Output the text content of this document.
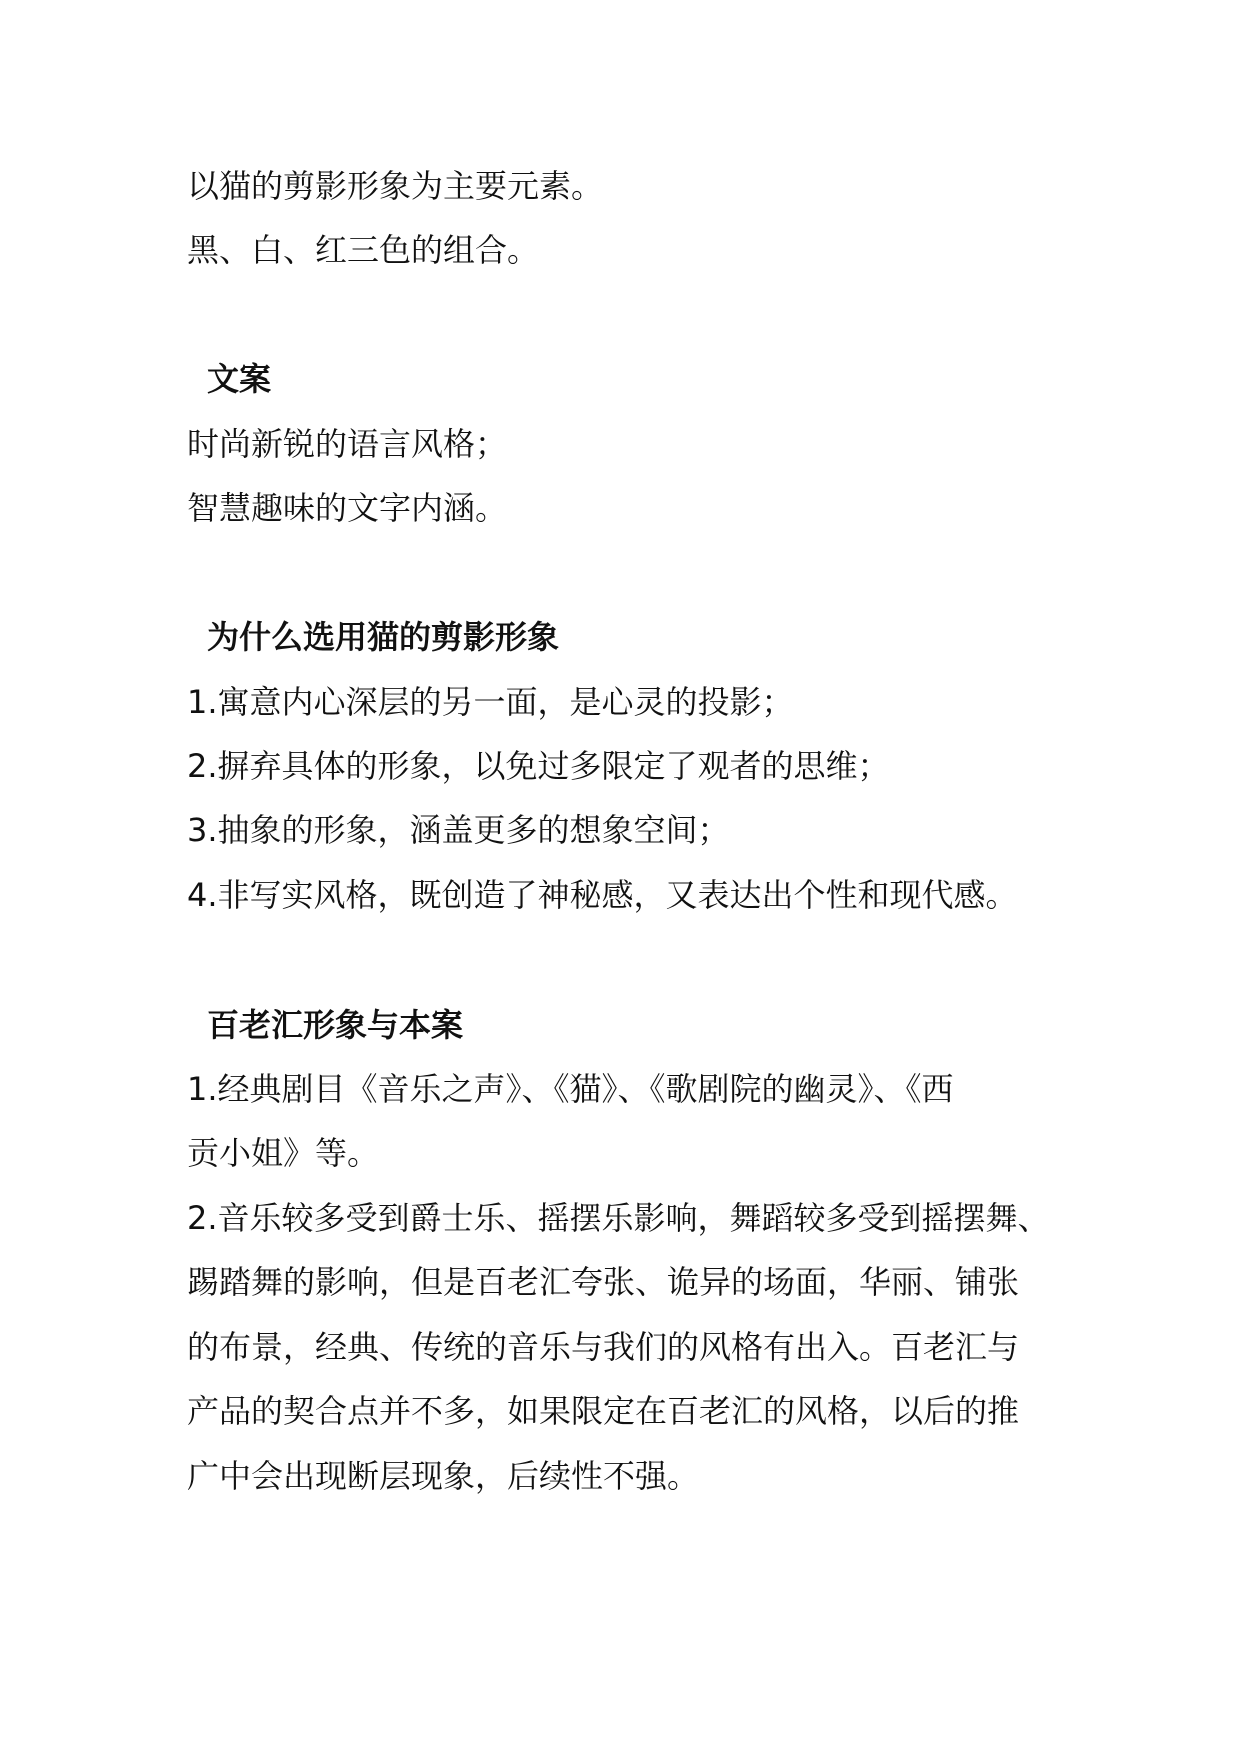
以猫的剪影形象为主要元素。
黑、白、红三色的组合。
文案
时尚新锐的语言风格；
智慧趣味的文字内涵。
为什么选用猫的剪影形象
1.寓意内心深层的另一面，是心灵的投影；
2.摒弃具体的形象，以免过多限定了观者的思维；
3.抽象的形象，涵盖更多的想象空间；
4.非写实风格，既创造了神秘感，又表达出个性和现代感。
百老汇形象与本案
1.经典剧目《音乐之声》、《猫》、《歌剧院的幽灵》、《西
贡小姐》等。
2.音乐较多受到爵士乐、摇摆乐影响，舞蹈较多受到摇摆舞、
踢踏舞的影响，但是百老汇夸张、诡异的场面，华丽、铺张
的布景，经典、传统的音乐与我们的风格有出入。百老汇与
产品的契合点并不多，如果限定在百老汇的风格，以后的推
广中会出现断层现象，后续性不强。
